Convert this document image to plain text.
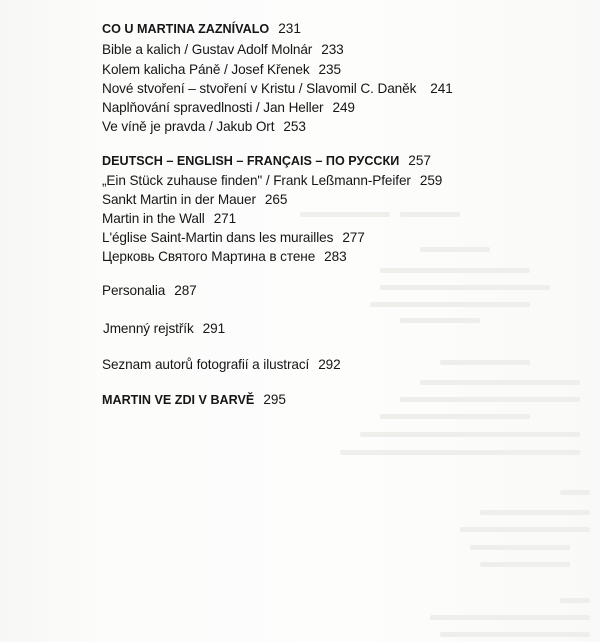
CO U MARTINA ZAZNÍVALO 231
Bible a kalich / Gustav Adolf Molnár 233
Kolem kalicha Páně / Josef Křenek 235
Nové stvoření – stvoření v Kristu / Slavomil C. Daněk 241
Naplňování spravedlnosti / Jan Heller 249
Ve víně je pravda / Jakub Ort 253
DEUTSCH – ENGLISH – FRANÇAIS – ПО РУССКИ 257
„Ein Stück zuhause finden" / Frank Leßmann-Pfeifer 259
Sankt Martin in der Mauer 265
Martin in the Wall 271
L'église Saint-Martin dans les murailles 277
Церковь Святого Мартина в стене 283
Personalia 287
Jmenný rejstřík 291
Seznam autorů fotografií a ilustrací 292
MARTIN VE ZDI V BARVĚ 295
